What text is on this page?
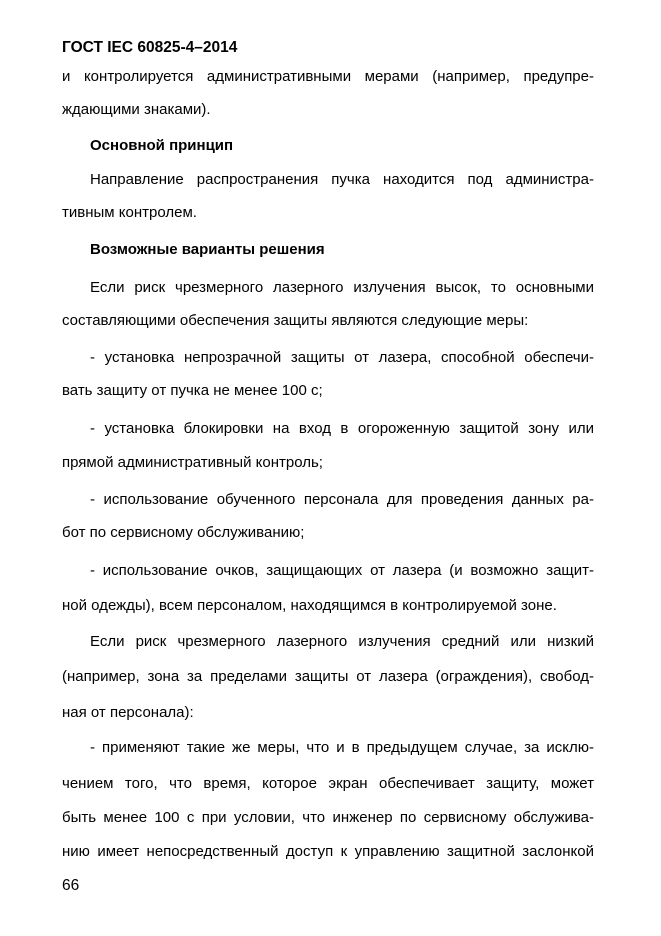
ГОСТ IEC 60825-4–2014
и контролируется административными мерами (например, предупре-
ждающими знаками).
Основной принцип
Направление распространения пучка находится под администра-
тивным контролем.
Возможные варианты решения
Если риск чрезмерного лазерного излучения высок, то основными
составляющими обеспечения защиты являются следующие меры:
- установка непрозрачной защиты от лазера, способной обеспечи-
вать защиту от пучка не менее 100 с;
- установка блокировки на вход в огороженную защитой зону или
прямой административный контроль;
- использование обученного персонала для проведения данных ра-
бот по сервисному обслуживанию;
- использование очков, защищающих от лазера (и возможно защит-
ной одежды), всем персоналом, находящимся в контролируемой зоне.
Если риск чрезмерного лазерного излучения средний или низкий
(например, зона за пределами защиты от лазера (ограждения), свобод-
ная от персонала):
- применяют такие же меры, что и в предыдущем случае, за исклю-
чением того, что время, которое экран обеспечивает защиту, может
быть менее 100 с при условии, что инженер по сервисному обслужива-
нию имеет непосредственный доступ к управлению защитной заслонкой
66
